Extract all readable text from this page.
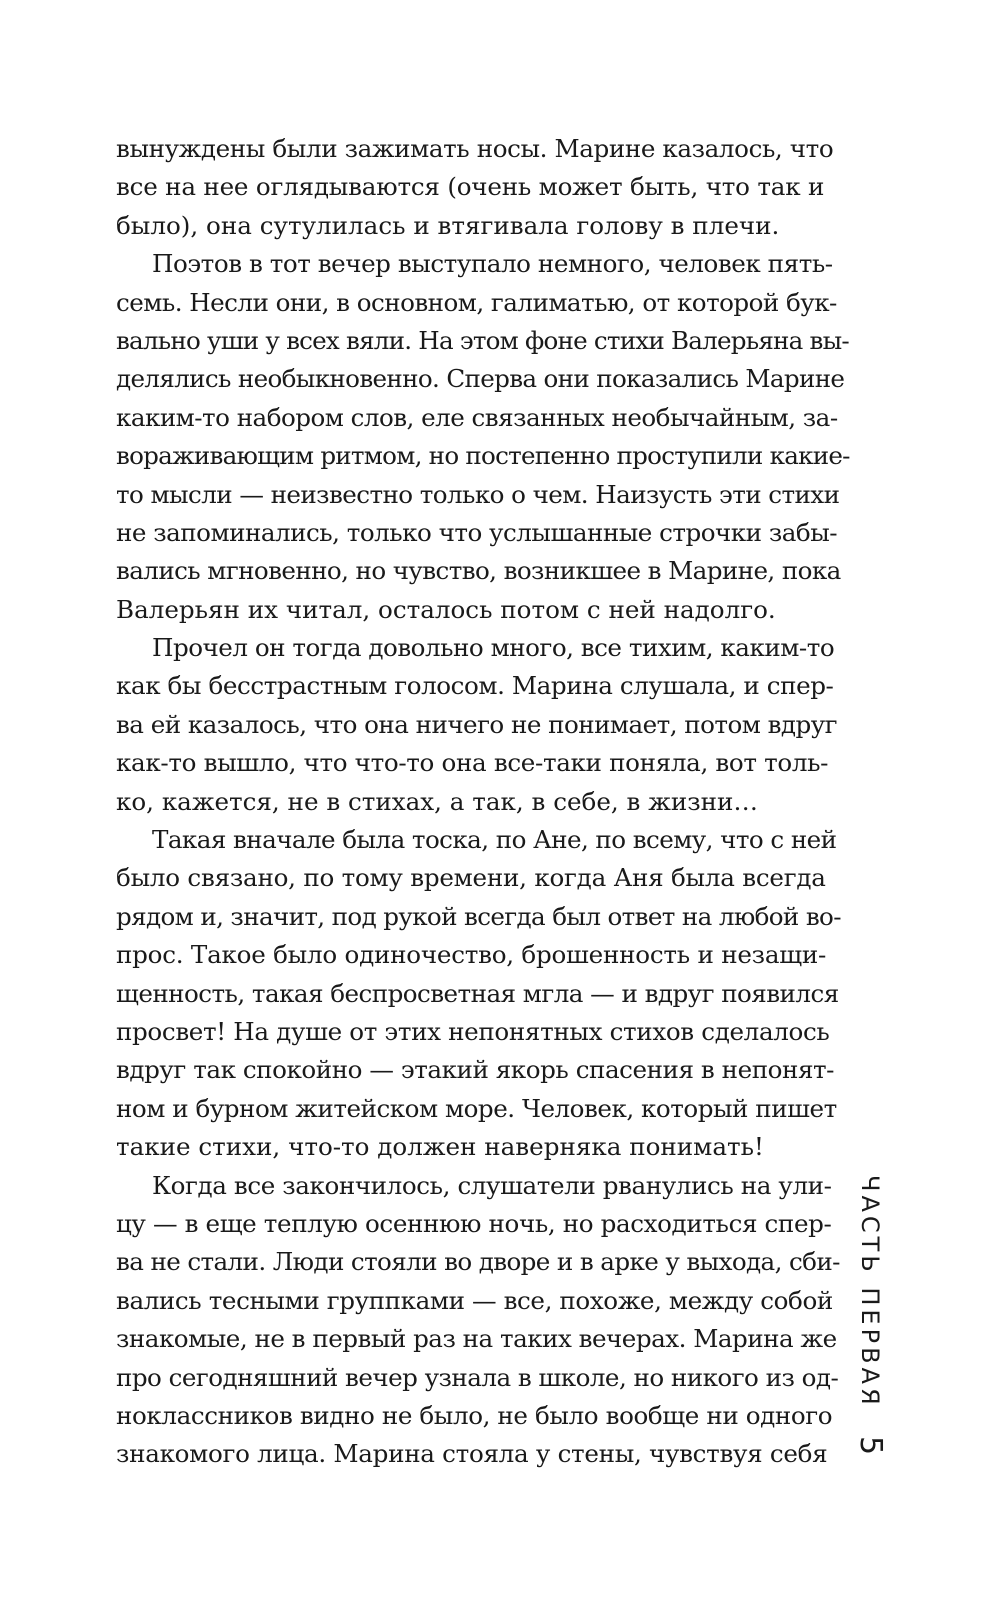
вынуждены были зажимать носы. Марине казалось, что
все на нее оглядываются (очень может быть, что так и
было), она сутулилась и втягивала голову в плечи.
Поэтов в тот вечер выступало немного, человек пять-
семь. Несли они, в основном, галиматью, от которой бук-
вально уши у всех вяли. На этом фоне стихи Валерьяна вы-
делялись необыкновенно. Сперва они показались Марине
каким-то набором слов, еле связанных необычайным, за-
вораживающим ритмом, но постепенно проступили какие-
то мысли — неизвестно только о чем. Наизусть эти стихи
не запоминались, только что услышанные строчки забы-
вались мгновенно, но чувство, возникшее в Марине, пока
Валерьян их читал, осталось потом с ней надолго.
Прочел он тогда довольно много, все тихим, каким-то
как бы бесстрастным голосом. Марина слушала, и спер-
ва ей казалось, что она ничего не понимает, потом вдруг
как-то вышло, что что-то она все-таки поняла, вот толь-
ко, кажется, не в стихах, а так, в себе, в жизни…
Такая вначале была тоска, по Ане, по всему, что с ней
было связано, по тому времени, когда Аня была всегда
рядом и, значит, под рукой всегда был ответ на любой во-
прос. Такое было одиночество, брошенность и незащи-
щенность, такая беспросветная мгла — и вдруг появился
просвет! На душе от этих непонятных стихов сделалось
вдруг так спокойно — этакий якорь спасения в непонят-
ном и бурном житейском море. Человек, который пишет
такие стихи, что-то должен наверняка понимать!
Когда все закончилось, слушатели рванулись на ули-
цу — в еще теплую осеннюю ночь, но расходиться спер-
ва не стали. Люди стояли во дворе и в арке у выхода, сби-
вались тесными группками — все, похоже, между собой
знакомые, не в первый раз на таких вечерах. Марина же
про сегодняшний вечер узнала в школе, но никого из од-
ноклассников видно не было, не было вообще ни одного
знакомого лица. Марина стояла у стены, чувствуя себя
ЧАСТЬ ПЕРВАЯ
5
